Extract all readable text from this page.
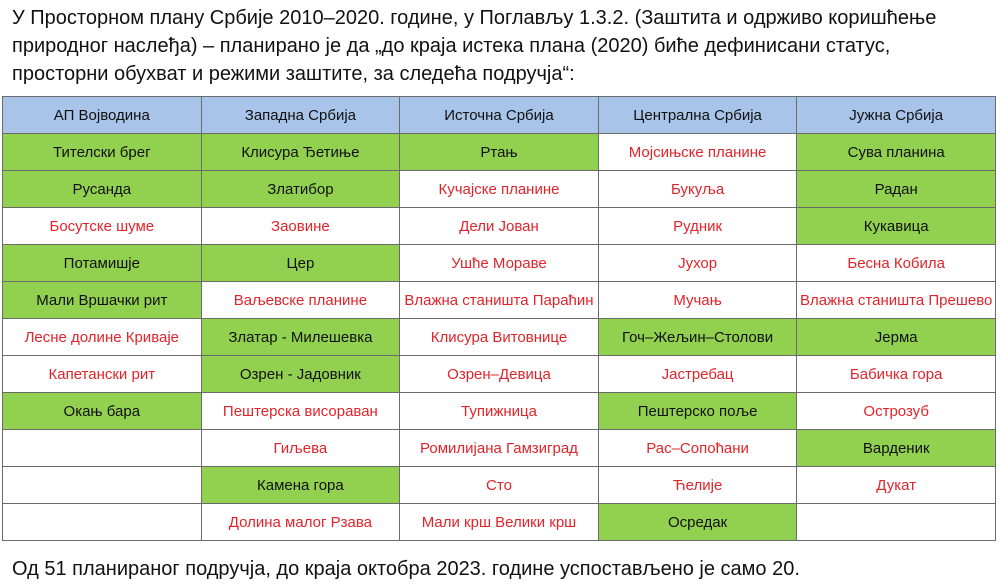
У Просторном плану Србије 2010–2020. године, у Поглављу 1.3.2. (Заштита и одрживо коришћење природног наслеђа) – планирано је да „до краја истека плана (2020) биће дефинисани статус, просторни обухват и режими заштите, за следећа подручја“:

АП Војводина	Западна Србија	Источна Србија	Централна Србија	Јужна Србија
Тителски брег	Клисура Ђетиње	Ртањ	Мојсињске планине	Сува планина
Русанда	Златибор	Кучајске планине	Букуља	Радан
Босутске шуме	Заовине	Дели Јован	Рудник	Кукавица
Потамишје	Цер	Ушће Мораве	Јухор	Бесна Кобила
Мали Вршачки рит	Ваљевске планине	Влажна станишта Параћин	Мучањ	Влажна станишта Прешево
Лесне долине Криваје	Златар - Милешевка	Клисура Витовнице	Гоч–Жељин–Столови	Јерма
Капетански рит	Озрен - Јадовник	Озрен–Девица	Јастребац	Бабичка гора
Окањ бара	Пештерска висораван	Тупижница	Пештерско поље	Острозуб
	Гиљева	Ромилијана Гамзиград	Рас–Сопоћани	Варденик
	Камена гора	Сто	Ћелије	Дукат
	Долина малог Рзава	Мали крш Велики крш	Осредак	

Од 51 планираног подручја, до краја октобра 2023. године успостављено је само 20.
